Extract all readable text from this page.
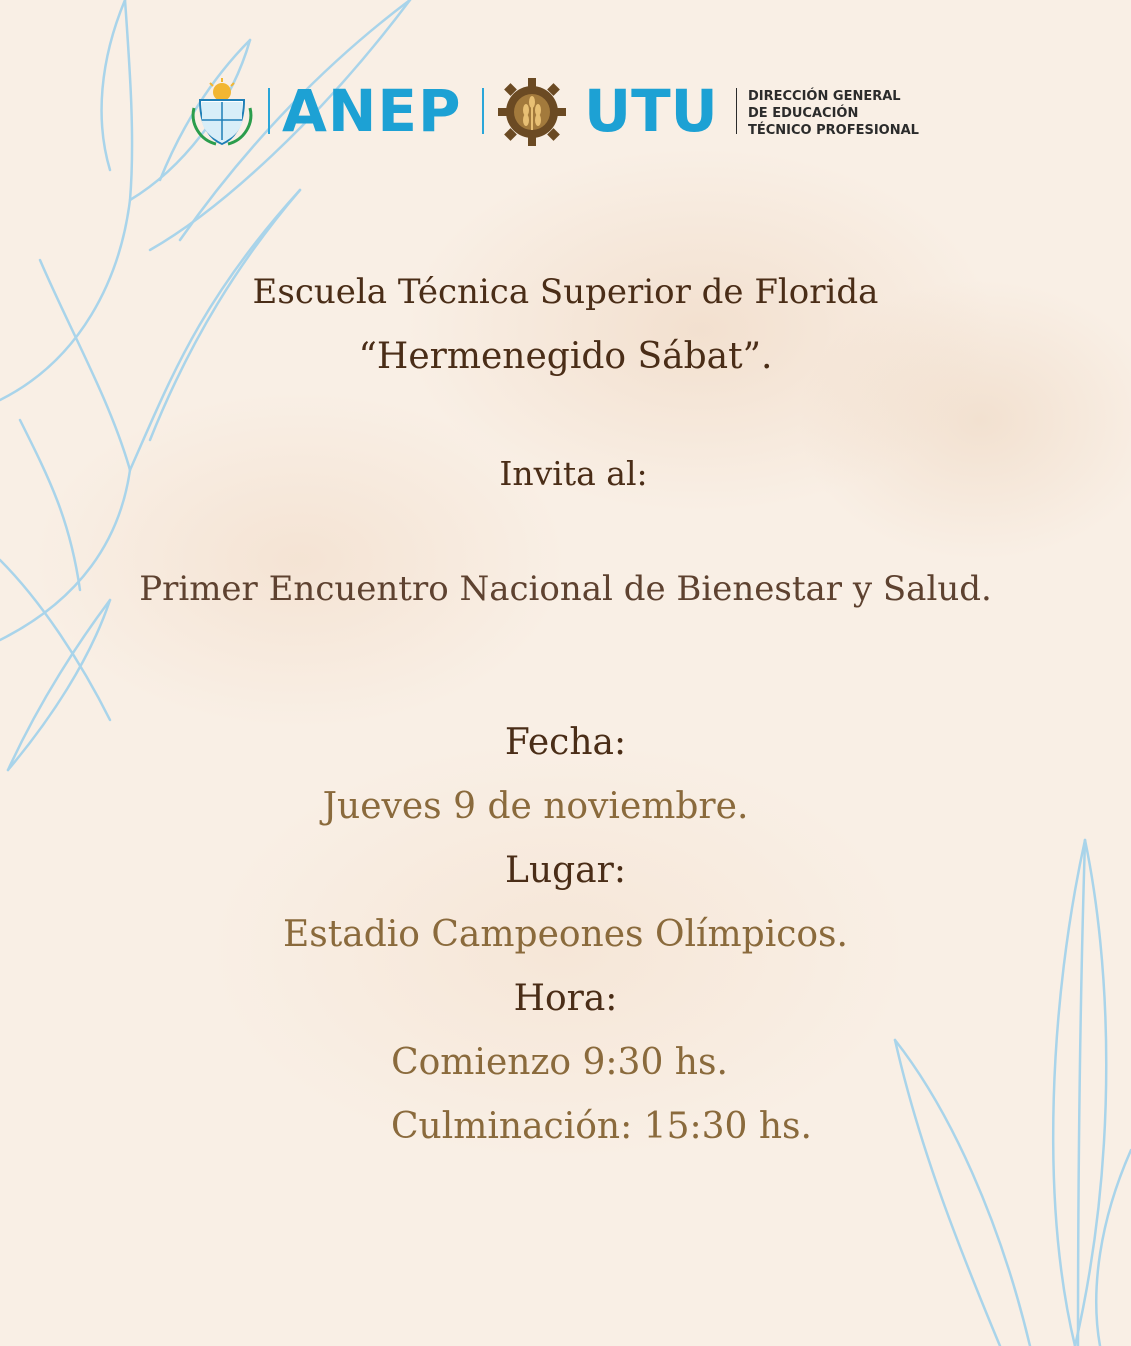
ANEP UTU DIRECCIÓN GENERAL
DE EDUCACIÓN
TÉCNICO PROFESIONAL
Escuela Técnica Superior de Florida
“Hermenegido Sábat”.
Invita al:
Primer Encuentro Nacional de Bienestar y Salud.
Fecha:
Jueves 9 de noviembre.
Lugar:
Estadio Campeones Olímpicos.
Hora:
Comienzo 9:30 hs.
Culminación: 15:30 hs.
